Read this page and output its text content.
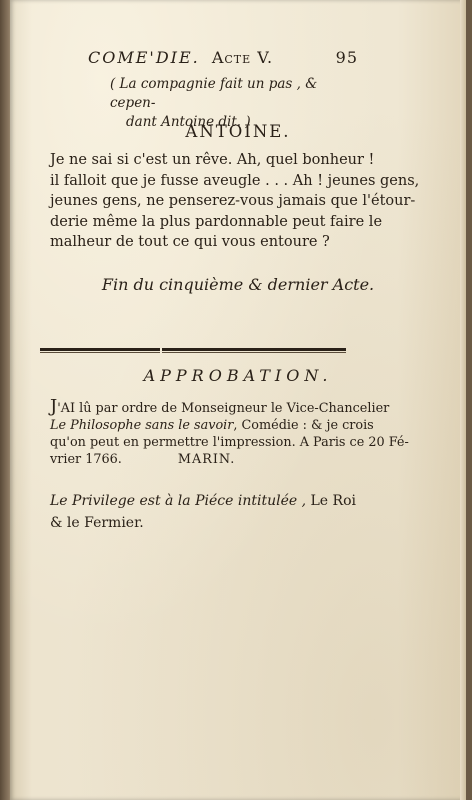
COME'DIE. Acte V.	95
( La compagnie fait un pas , & cepen-
dant Antoine dit. )
ANTOINE.
Je ne sai si c'est un rêve. Ah, quel bonheur !
il falloit que je fusse aveugle . . . Ah ! jeunes gens,
jeunes gens, ne penserez-vous jamais que l'étour-
derie même la plus pardonnable peut faire le
malheur de tout ce qui vous entoure ?
Fin du cinquième & dernier Acte.
APPROBATION.
J'AI lû par ordre de Monseigneur le Vice-Chancelier
Le Philosophe sans le savoir, Comédie : & je crois
qu'on peut en permettre l'impression. A Paris ce 20 Fé-
vrier 1766.	MARIN.
Le Privilege est à la Piéce intitulée , Le Roi
& le Fermier.
